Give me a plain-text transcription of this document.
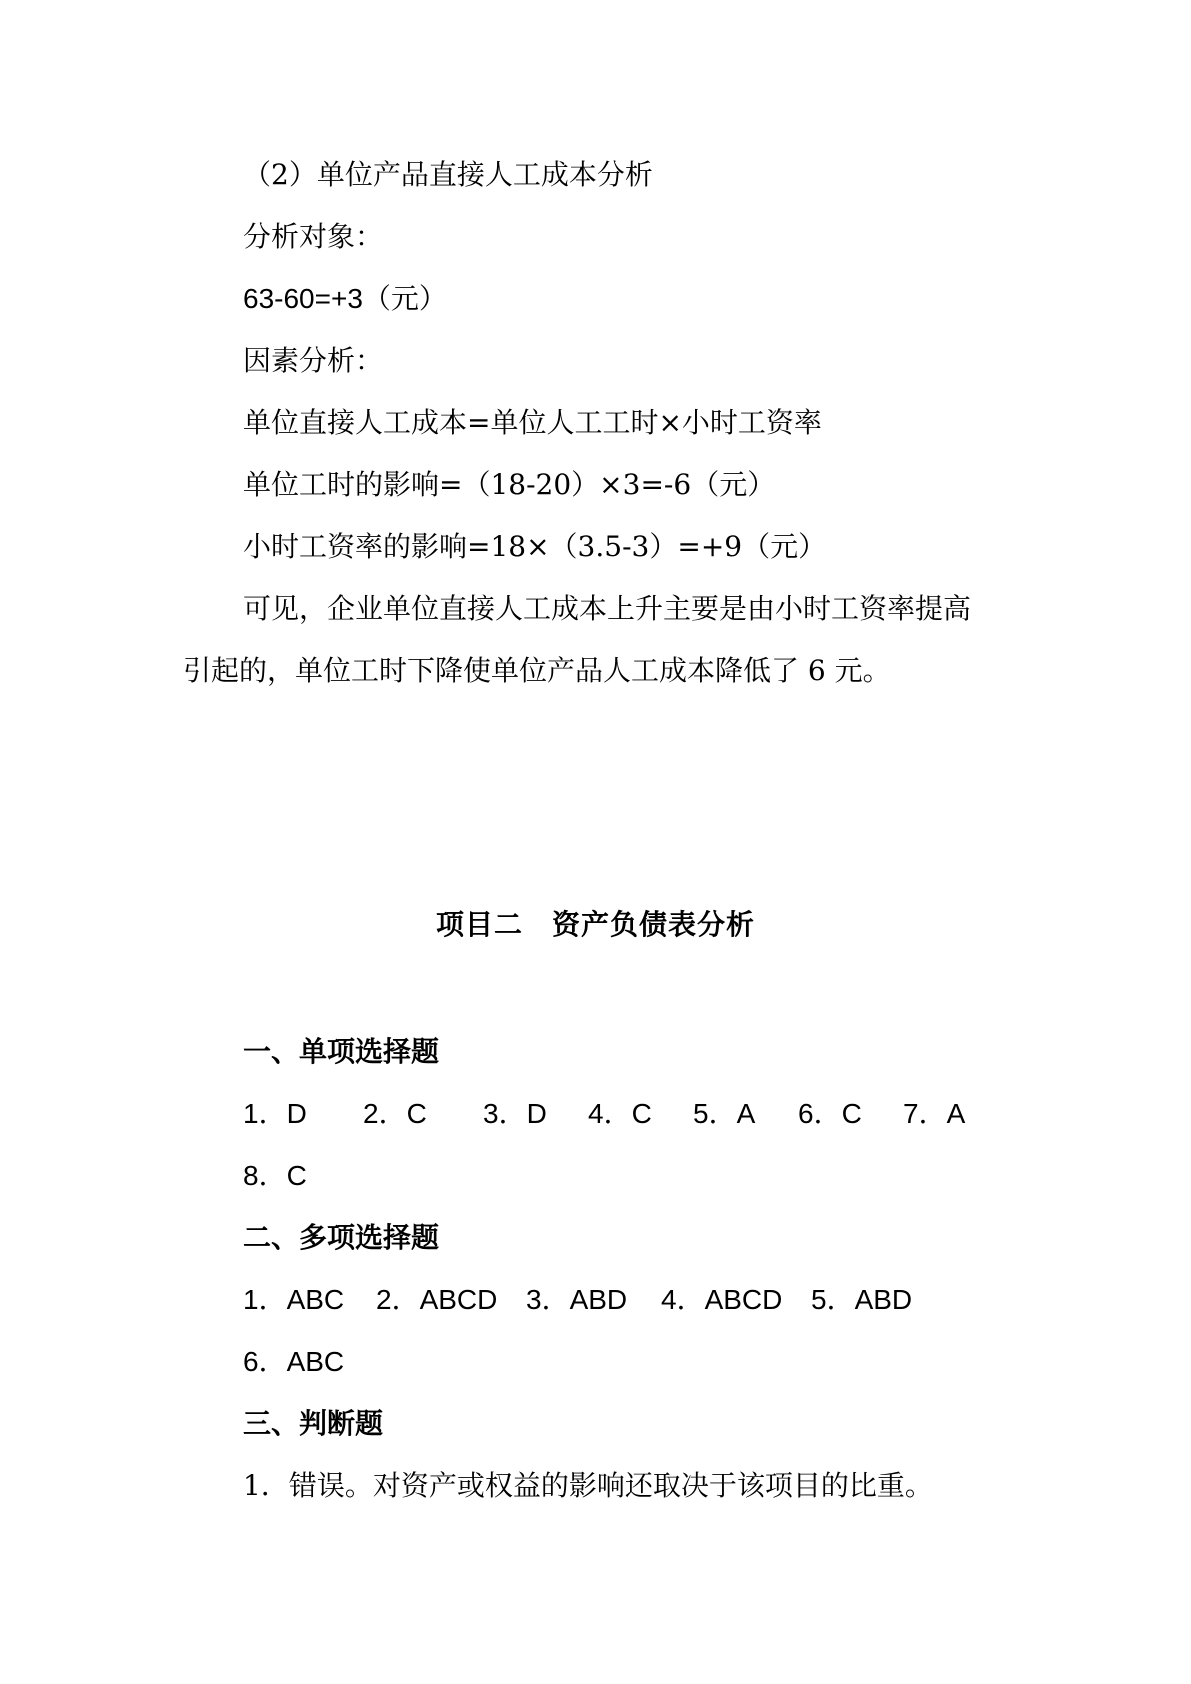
（2）单位产品直接人工成本分析
分析对象：
63-60=+3（元）
因素分析：
单位直接人工成本=单位人工工时×小时工资率
单位工时的影响=（18-20）×3=-6（元）
小时工资率的影响=18×（3.5-3）=+9（元）
可见，企业单位直接人工成本上升主要是由小时工资率提高
引起的，单位工时下降使单位产品人工成本降低了 6 元。
项目二　资产负债表分析
一、单项选择题
1．D	2．C	3．D	4．C	5．A	6．C	7．A
8．C
二、多项选择题
1．ABC	2．ABCD	3．ABD	4．ABCD	5．ABD
6．ABC
三、判断题
1．错误。对资产或权益的影响还取决于该项目的比重。
